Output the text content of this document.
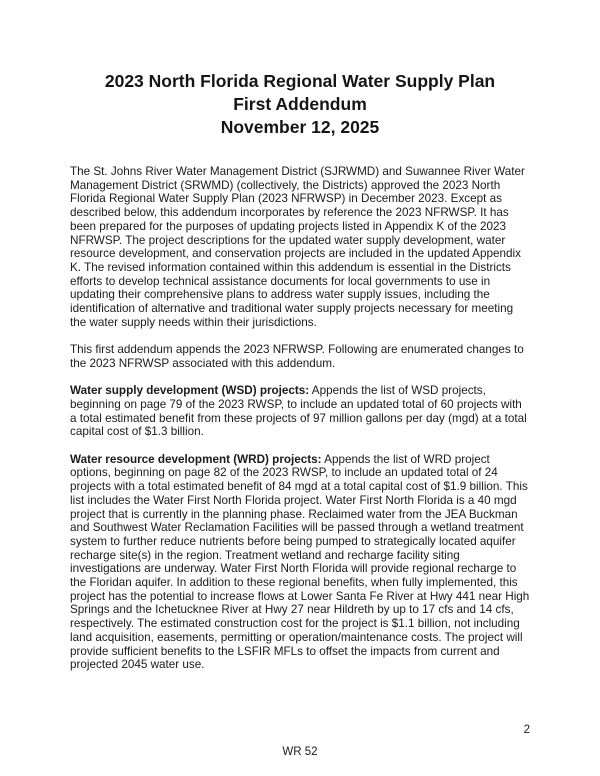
2023 North Florida Regional Water Supply Plan
First Addendum
November 12, 2025

The St. Johns River Water Management District (SJRWMD) and Suwannee River Water Management District (SRWMD) (collectively, the Districts) approved the 2023 North Florida Regional Water Supply Plan (2023 NFRWSP) in December 2023. Except as described below, this addendum incorporates by reference the 2023 NFRWSP. It has been prepared for the purposes of updating projects listed in Appendix K of the 2023 NFRWSP. The project descriptions for the updated water supply development, water resource development, and conservation projects are included in the updated Appendix K. The revised information contained within this addendum is essential in the Districts efforts to develop technical assistance documents for local governments to use in updating their comprehensive plans to address water supply issues, including the identification of alternative and traditional water supply projects necessary for meeting the water supply needs within their jurisdictions.

This first addendum appends the 2023 NFRWSP. Following are enumerated changes to the 2023 NFRWSP associated with this addendum.

Water supply development (WSD) projects: Appends the list of WSD projects, beginning on page 79 of the 2023 RWSP, to include an updated total of 60 projects with a total estimated benefit from these projects of 97 million gallons per day (mgd) at a total capital cost of $1.3 billion.

Water resource development (WRD) projects: Appends the list of WRD project options, beginning on page 82 of the 2023 RWSP, to include an updated total of 24 projects with a total estimated benefit of 84 mgd at a total capital cost of $1.9 billion. This list includes the Water First North Florida project. Water First North Florida is a 40 mgd project that is currently in the planning phase. Reclaimed water from the JEA Buckman and Southwest Water Reclamation Facilities will be passed through a wetland treatment system to further reduce nutrients before being pumped to strategically located aquifer recharge site(s) in the region. Treatment wetland and recharge facility siting investigations are underway. Water First North Florida will provide regional recharge to the Floridan aquifer. In addition to these regional benefits, when fully implemented, this project has the potential to increase flows at Lower Santa Fe River at Hwy 441 near High Springs and the Ichetucknee River at Hwy 27 near Hildreth by up to 17 cfs and 14 cfs, respectively. The estimated construction cost for the project is $1.1 billion, not including land acquisition, easements, permitting or operation/maintenance costs. The project will provide sufficient benefits to the LSFIR MFLs to offset the impacts from current and projected 2045 water use.

2
WR 52
